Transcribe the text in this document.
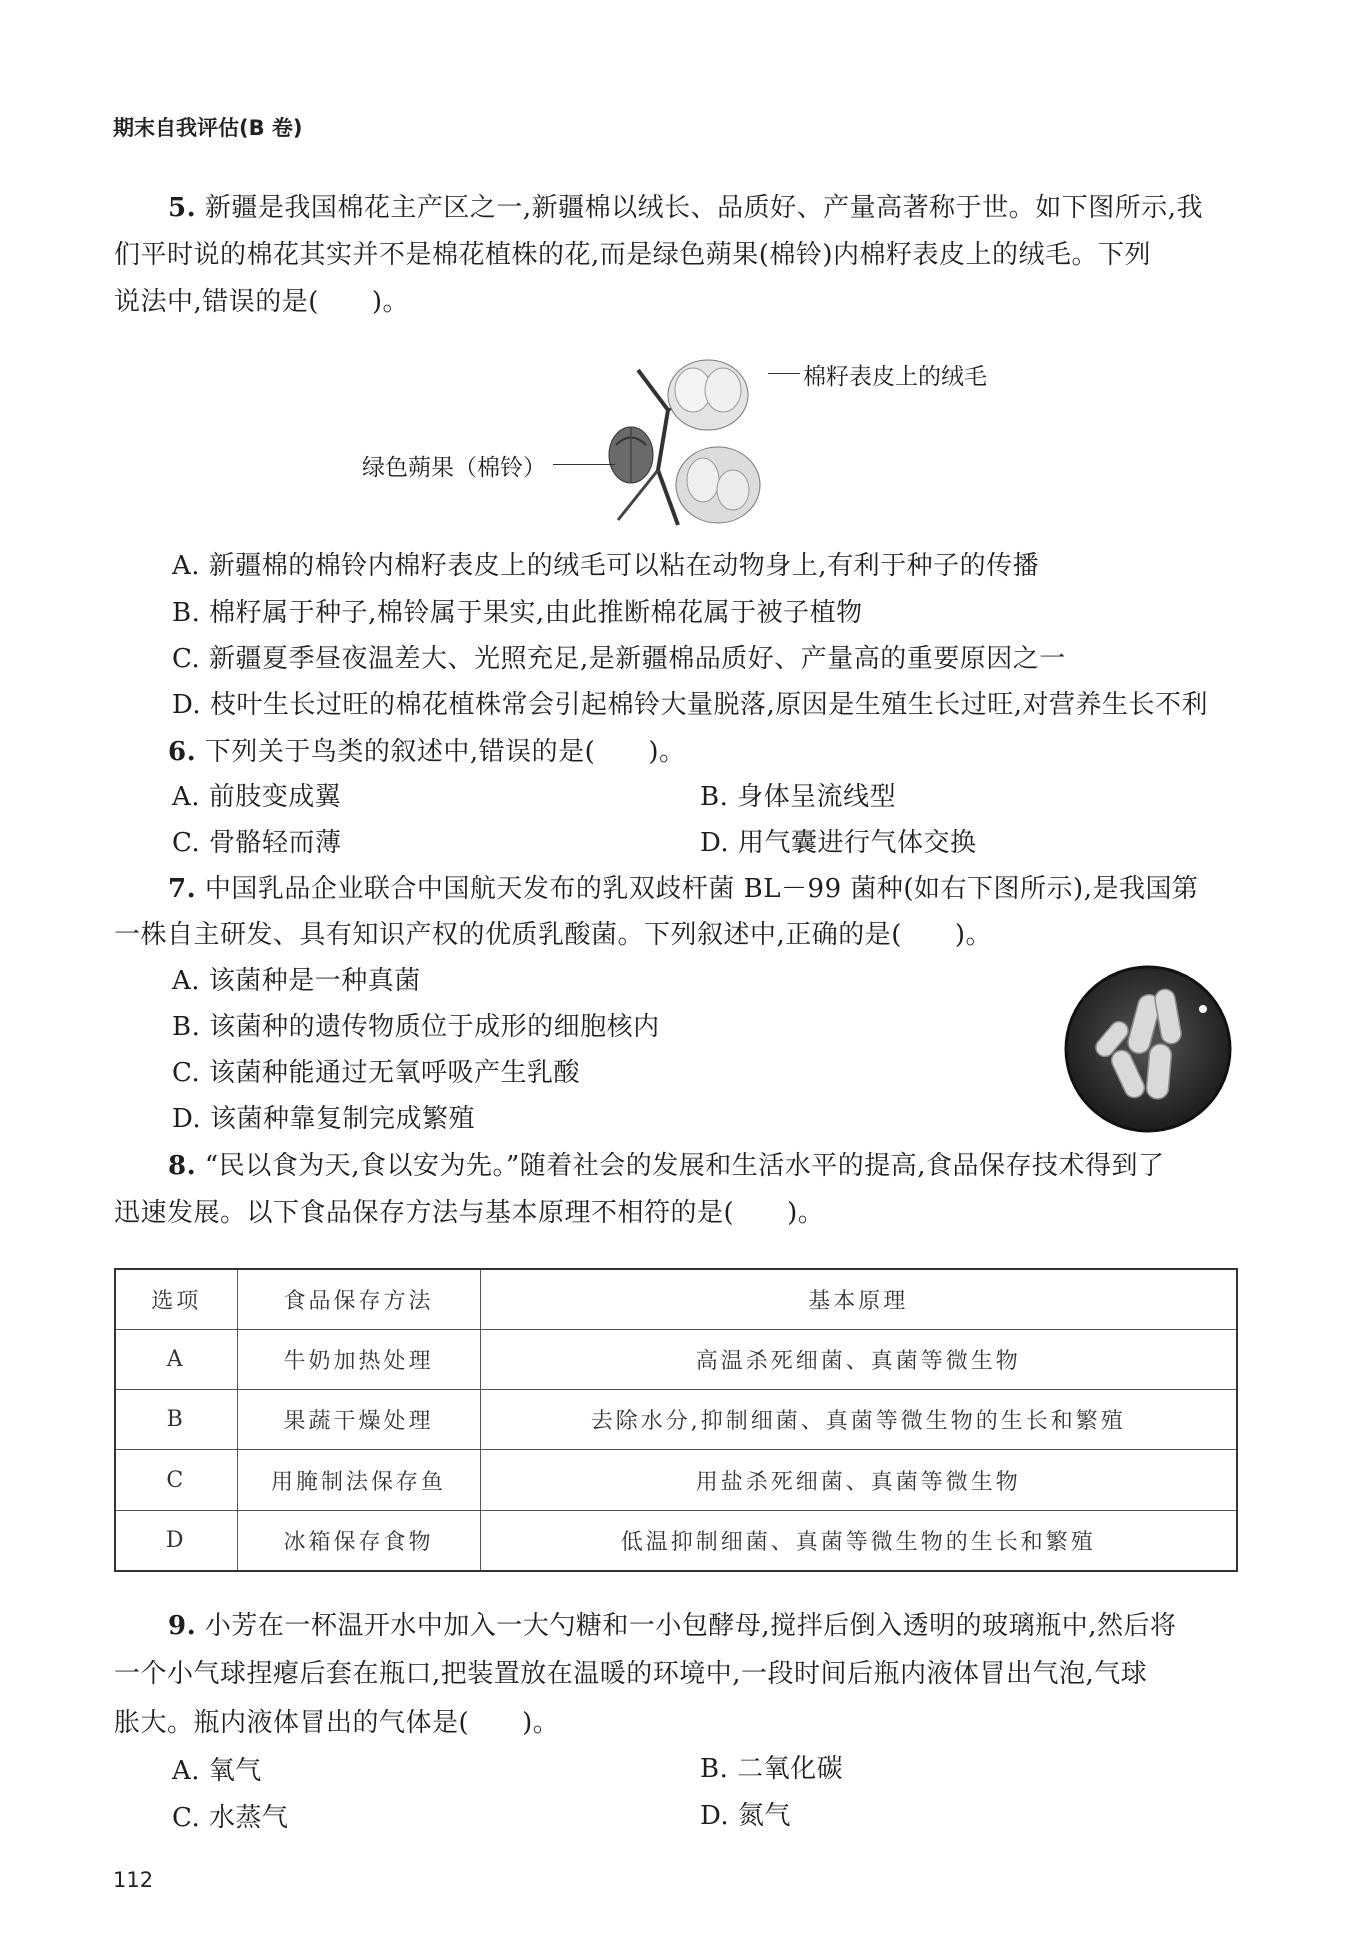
期末自我评估(B 卷)
5. 新疆是我国棉花主产区之一,新疆棉以绒长、品质好、产量高著称于世。如下图所示,我
们平时说的棉花其实并不是棉花植株的花,而是绿色蒴果(棉铃)内棉籽表皮上的绒毛。下列
说法中,错误的是(　　)。
棉籽表皮上的绒毛
绿色蒴果（棉铃）
A. 新疆棉的棉铃内棉籽表皮上的绒毛可以粘在动物身上,有利于种子的传播
B. 棉籽属于种子,棉铃属于果实,由此推断棉花属于被子植物
C. 新疆夏季昼夜温差大、光照充足,是新疆棉品质好、产量高的重要原因之一
D. 枝叶生长过旺的棉花植株常会引起棉铃大量脱落,原因是生殖生长过旺,对营养生长不利
6. 下列关于鸟类的叙述中,错误的是(　　)。
A. 前肢变成翼	B. 身体呈流线型
C. 骨骼轻而薄	D. 用气囊进行气体交换
7. 中国乳品企业联合中国航天发布的乳双歧杆菌 BL－99 菌种(如右下图所示),是我国第
一株自主研发、具有知识产权的优质乳酸菌。下列叙述中,正确的是(　　)。
A. 该菌种是一种真菌
B. 该菌种的遗传物质位于成形的细胞核内
C. 该菌种能通过无氧呼吸产生乳酸
D. 该菌种靠复制完成繁殖
8. “民以食为天,食以安为先。”随着社会的发展和生活水平的提高,食品保存技术得到了
迅速发展。以下食品保存方法与基本原理不相符的是(　　)。
选项	食品保存方法	基本原理
A	牛奶加热处理	高温杀死细菌、真菌等微生物
B	果蔬干燥处理	去除水分,抑制细菌、真菌等微生物的生长和繁殖
C	用腌制法保存鱼	用盐杀死细菌、真菌等微生物
D	冰箱保存食物	低温抑制细菌、真菌等微生物的生长和繁殖
9. 小芳在一杯温开水中加入一大勺糖和一小包酵母,搅拌后倒入透明的玻璃瓶中,然后将
一个小气球捏瘪后套在瓶口,把装置放在温暖的环境中,一段时间后瓶内液体冒出气泡,气球
胀大。瓶内液体冒出的气体是(　　)。
A. 氧气	B. 二氧化碳
C. 水蒸气	D. 氮气
112
